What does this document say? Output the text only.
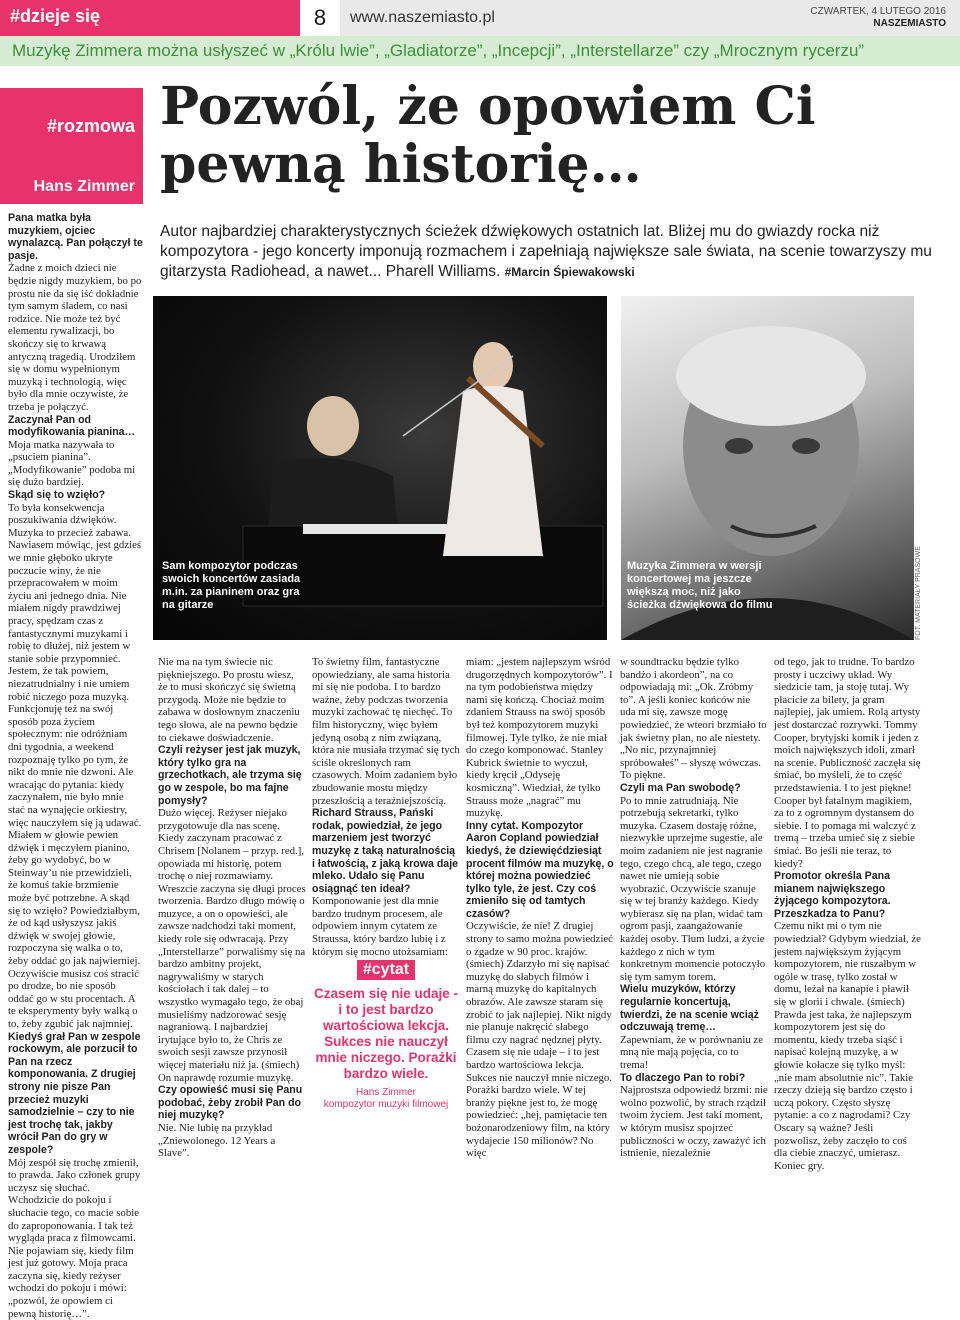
#dzieje się	8	www.naszemiasto.pl	CZWARTEK, 4 LUTEGO 2016
NASZEMIASTO
Muzykę Zimmera można usłyszeć w „Królu lwie”, „Gladiatorze”, „Incepcji”, „Interstellarze” czy „Mrocznym rycerzu”
#rozmowa
Hans Zimmer
Pozwól, że opowiem Ci pewną historię…
Autor najbardziej charakterystycznych ścieżek dźwiękowych ostatnich lat. Bliżej mu do gwiazdy rocka niż kompozytora - jego koncerty imponują rozmachem i zapełniają największe sale świata, na scenie towarzyszy mu gitarzysta Radiohead, a nawet... Pharell Williams. #Marcin Śpiewakowski

Pana matka była muzykiem, ojciec wynalazcą. Pan połączył te pasje.

Żadne z moich dzieci nie będzie nigdy muzykiem, bo po prostu nie da się iść dokładnie tym samym śladem, co nasi rodzice. Nie może też być elementu rywalizacji, bo skończy się to krwawą antyczną tragedią. Urodziłem się w domu wypełnionym muzyką i technologią, więc było dla mnie oczywiste, że trzeba je połączyć.

Zaczynał Pan od modyfikowania pianina…

Moja matka nazywała to „psuciem pianina”. „Modyfikowanie” podoba mi się dużo bardziej.

Skąd się to wzięło?

To była konsekwencja poszukiwania dźwięków. Muzyka to przecież zabawa. Nawiasem mówiąc, jest gdzieś we mnie głęboko ukryte poczucie winy, że nie przepracowałem w moim życiu ani jednego dnia. Nie miałem nigdy prawdziwej pracy, spędzam czas z fantastycznymi muzykami i robię to dłużej, niż jestem w stanie sobie przypomnieć. Jestem, że tak powiem, niezatrudnialny i nie umiem robić niczego poza muzyką. Funkcjonuję też na swój sposób poza życiem społecznym: nie odróżniam dni tygodnia, a weekend rozpoznaję tylko po tym, że nikt do mnie nie dzwoni. Ale wracając do pytania: kiedy zaczynałem, nie było mnie stać na wynajęcie orkiestry, więc nauczyłem się ją udawać. Miałem w głowie pewien dźwięk i męczyłem pianino, żeby go wydobyć, bo w Steinway’u nie przewidzieli, że komuś takie brzmienie może być potrzebne. A skąd się to wzięło? Powiedziałbym, że od kąd usłyszysz jakiś dźwięk w swojej głowie, rozpoczyna się walka o to, żeby oddać go jak najwierniej. Oczywiście musisz coś stracić po drodze, bo nie sposób oddać go w stu procentach. A te eksperymenty były walką o to, żeby zgubić jak najmniej.

Kiedyś grał Pan w zespole rockowym, ale porzucił to Pan na rzecz komponowania. Z drugiej strony nie pisze Pan przecież muzyki samodzielnie – czy to nie jest trochę tak, jakby wrócił Pan do gry w zespole?

Mój zespół się trochę zmienił, to prawda. Jako członek grupy uczysz się słuchać. Wchodzicie do pokoju i słuchacie tego, co macie sobie do zaproponowania. I tak też wygląda praca z filmowcami. Nie pojawiam się, kiedy film jest już gotowy. Moja praca zaczyna się, kiedy reżyser wchodzi do pokoju i mówi: „pozwól, że opowiem ci pewną historię…”.

Sam kompozytor podczas swoich koncertów zasiada m.in. za pianinem oraz gra na gitarze
Muzyka Zimmera w wersji koncertowej ma jeszcze większą moc, niż jako ścieżka dźwiękowa do filmu	FOT. MATERIAŁY PRASOWE

Nie ma na tym świecie nic piękniejszego. Po prostu wiesz, że to musi skończyć się świetną przygodą. Może nie będzie to zabawa w dosłownym znaczeniu tego słowa, ale na pewno będzie to ciekawe doświadczenie.

Czyli reżyser jest jak muzyk, który tylko gra na grzechotkach, ale trzyma się go w zespole, bo ma fajne pomysły?

Dużo więcej. Reżyser niejako przygotowuje dla nas scenę. Kiedy zaczynam pracować z Chrisem [Nolanem – przyp. red.], opowiada mi historię, potem trochę o niej rozmawiamy. Wreszcie zaczyna się długi proces tworzenia. Bardzo długo mówię o muzyce, a on o opowieści, ale zawsze nadchodzi taki moment, kiedy role się odwracają. Przy „Interstellarze” porwaliśmy się na bardzo ambitny projekt, nagrywaliśmy w starych kościołach i tak dalej – to wszystko wymagało tego, że obaj musieliśmy nadzorować sesję nagraniową. I najbardziej irytujące było to, że Chris ze swoich sesji zawsze przynosił więcej materiału niż ja. (śmiech) On naprawdę rozumie muzykę.

Czy opowieść musi się Panu podobać, żeby zrobił Pan do niej muzykę?

Nie. Nie lubię na przykład „Zniewolonego. 12 Years a Slave”.

To świetny film, fantastyczne opowiedziany, ale sama historia mi się nie podoba. I to bardzo ważne, żeby podczas tworzenia muzyki zachować tę niechęć. To film historyczny, więc byłem jedyną osobą z nim związaną, która nie musiała trzymać się tych ściśle określonych ram czasowych. Moim zadaniem było zbudowanie mostu między przeszłością a teraźniejszością.

Richard Strauss, Pański rodak, powiedział, że jego marzeniem jest tworzyć muzykę z taką naturalnością i łatwością, z jaką krowa daje mleko. Udało się Panu osiągnąć ten ideał?

Komponowanie jest dla mnie bardzo trudnym procesem, ale odpowiem innym cytatem ze Straussa, który bardzo lubię i z którym się mocno utożsamiam:

#cytat
Czasem się nie udaje - i to jest bardzo wartościowa lekcja. Sukces nie nauczył mnie niczego. Porażki bardzo wiele.
Hans Zimmer
kompozytor muzyki filmowej

miam: „jestem najlepszym wśród drugorzędnych kompozytorów”. I na tym podobieństwa między nami się kończą. Chociaż moim zdaniem Strauss na swój sposób był też kompozytorem muzyki filmowej. Tyle tylko, że nie miał do czego komponować. Stanley Kubrick świetnie to wyczuł, kiedy kręcił „Odyseję kosmiczną”. Wiedział, że tylko Strauss może „nagrać” mu muzykę.

Inny cytat. Kompozytor Aaron Copland powiedział kiedyś, że dziewięćdziesiąt procent filmów ma muzykę, o której można powiedzieć tylko tyle, że jest. Czy coś zmieniło się od tamtych czasów?

Oczywiście, że nie! Z drugiej strony to samo można powiedzieć o zgadze w 90 proc. krajów. (śmiech) Zdarzyło mi się napisać muzykę do słabych filmów i marną muzykę do kapitalnych obrazów. Ale zawsze staram się zrobić to jak najlepiej. Nikt nigdy nie planuje nakręcić słabego filmu czy nagrać nędznej płyty. Czasem się nie udaje – i to jest bardzo wartościowa lekcja. Sukces nie nauczył mnie niczego. Porażki bardzo wiele. W tej branży piękne jest to, że mogę powiedzieć: „hej, pamiętacie ten bożonarodzeniowy film, na który wydajecie 150 milionów? No więc

w soundtracku będzie tylko bandżo i akordeon”, na co odpowiadają mi: „Ok. Zróbmy to”. A jeśli koniec końców nie uda mi się, zawsze mogę powiedzieć, że wteori brzmiało to jak świetny plan, no ale niestety. „No nic, przynajmniej spróbowałeś” – słyszę wówczas. To piękne.

Czyli ma Pan swobodę?

Po to mnie zatrudniają. Nie potrzebują sekretarki, tylko muzyka. Czasem dostaję różne, niezwykłe uprzejme sugestie, ale moim zadaniem nie jest nagranie tego, czego chcą, ale tego, czego nawet nie umieją sobie wyobrazić. Oczywiście szanuje się w tej branży każdego. Kiedy wybierasz się na plan, widać tam ogrom pasji, zaangażowanie każdej osoby. Tłum ludzi, a życie każdego z nich w tym konkretnym momencie potoczyło się tym samym torem.

Wielu muzyków, którzy regularnie koncertują, twierdzi, że na scenie wciąż odczuwają tremę…

Zapewniam, że w porównaniu ze mną nie mają pojęcia, co to trema!

To dlaczego Pan to robi?

Najprostsza odpowiedź brzmi: nie wolno pozwolić, by strach rządził twoim życiem. Jest taki moment, w którym musisz spojrzeć publiczności w oczy, zaważyć ich istnienie, niezależnie

od tego, jak to trudne. To bardzo prosty i uczciwy układ. Wy siedzicie tam, ja stoję tutaj. Wy płacicie za bilety, ja gram najlepiej, jak umiem. Rolą artysty jest dostarczać rozrywki. Tommy Cooper, brytyjski komik i jeden z moich największych idoli, zmarł na scenie. Publiczność zaczęła się śmiać, bo myśleli, że to część przedstawienia. I to jest piękne! Cooper był fatalnym magikiem, za to z ogromnym dystansem do siebie. I to pomaga mi walczyć z tremą – trzeba umieć się z siebie śmiać. Bo jeśli nie teraz, to kiedy?

Promotor określa Pana mianem największego żyjącego kompozytora. Przeszkadza to Panu?

Czemu nikt mi o tym nie powiedział? Gdybym wiedział, że jestem największym żyjącym kompozytorem, nie ruszałbym w ogóle w trasę, tylko został w domu, leżał na kanapie i pławił się w glorii i chwale. (śmiech) Prawda jest taka, że najlepszym kompozytorem jest się do momentu, kiedy trzeba siąść i napisać kolejną muzykę, a w głowie kołacze się tylko myśl: „nie mam absolutnie nic”. Takie rzeczy dzieją się bardzo często i uczą pokory. Często słyszę pytanie: a co z nagrodami? Czy Oscary są ważne? Jeśli pozwolisz, żeby zaczęło to coś dla ciebie znaczyć, umierasz. Koniec gry.
